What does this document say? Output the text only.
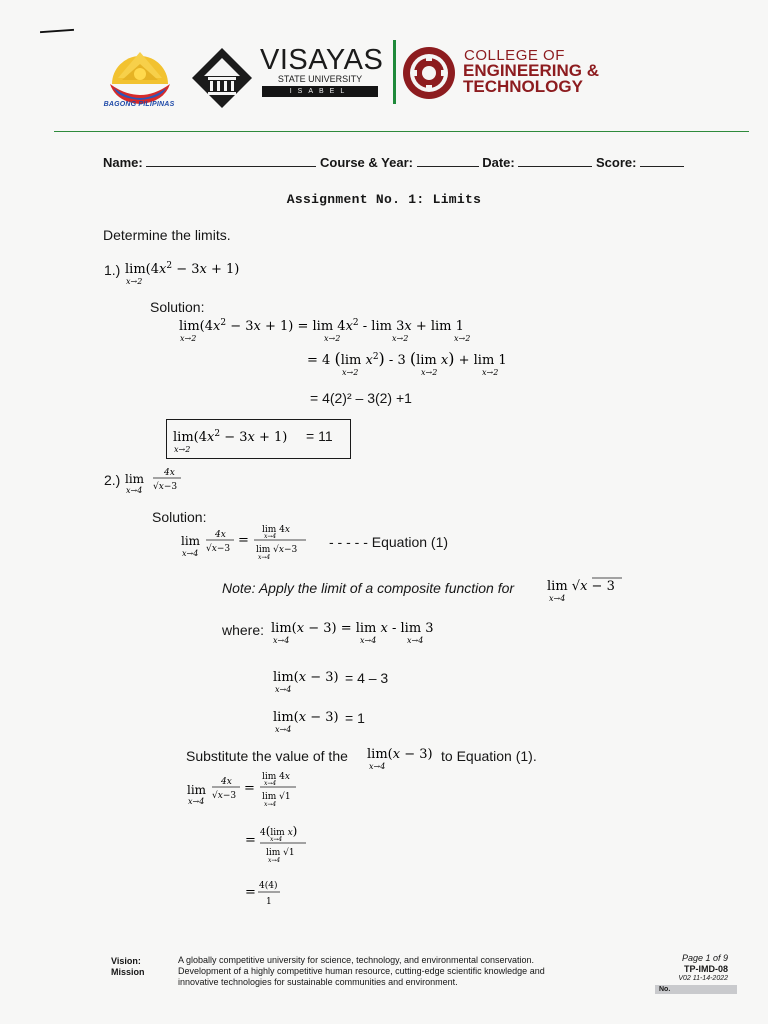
BAGONG PILIPINAS
VISAYAS
STATE UNIVERSITY
ISABEL
COLLEGE OF
ENGINEERING &
TECHNOLOGY
Name:	Course & Year:	Date:	Score:
Assignment No. 1: Limits
Determine the limits.
1.) $\lim(4x^2 - 3x + 1)$
x→2
Solution:
$\lim(4x^2 - 3x + 1) = \lim 4x^2 - \lim 3x + \lim 1$
x→2	x→2	x→2	x→2
= 4 (lim $x^2) - 3$ (lim x) + lim 1
x→2	x→2	x→2
= 4(2)² – 3(2) +1
$\lim(4x^2 - 3x + 1)$
x→2
= 11
2.) lim
x→4
4x
√x−3
Solution:
lim
x→4
4x
√x−3
=
lim 4x
x→4
lim √x−3
x→4
- - - - - Equation (1)
Note: Apply the limit of a composite function for	lim √x − 3
x→4
where: lim(x − 3) = lim x - lim 3
x→4	x→4	x→4
lim(x − 3)
x→4
= 4 – 3
lim(x − 3)
x→4
= 1
Substitute the value of the lim(x − 3)
x→4
to Equation (1).
lim
x→4
4x
√x−3 =
lim 4x
x→4
lim √1
x→4
= 4(lim x)
x→4
lim √1
x→4
= 4(4)
1
Vision:
Mission
A globally competitive university for science, technology, and environmental conservation.
Development of a highly competitive human resource, cutting-edge scientific knowledge and
innovative technologies for sustainable communities and environment.
Page 1 of 9
TP-IMD-08
V02 11-14-2022
No.
